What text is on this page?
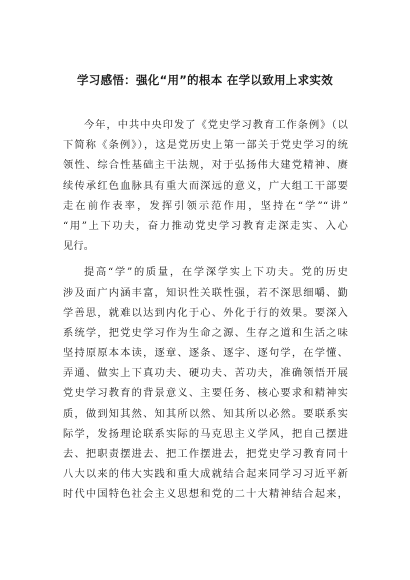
学习感悟：强化“用”的根本 在学以致用上求实效
今年，中共中央印发了《党史学习教育工作条例》（以
下简称《条例》），这是党历史上第一部关于党史学习的统
领性、综合性基础主干法规，对于弘扬伟大建党精神、赓
续传承红色血脉具有重大而深远的意义，广大组工干部要
走在前作表率，发挥引领示范作用，坚持在“学”“讲”
“用”上下功夫，奋力推动党史学习教育走深走实、入心
见行。
提高“学”的质量，在学深学实上下功夫。党的历史
涉及面广内涵丰富，知识性关联性强，若不深思细嚼、勤
学善思，就难以达到内化于心、外化于行的效果。要深入
系统学，把党史学习作为生命之源、生存之道和生活之味
坚持原原本本读，逐章、逐条、逐字、逐句学，在学懂、
弄通、做实上下真功夫、硬功夫、苦功夫，准确领悟开展
党史学习教育的背景意义、主要任务、核心要求和精神实
质，做到知其然、知其所以然、知其所以必然。要联系实
际学，发扬理论联系实际的马克思主义学风，把自己摆进
去、把职责摆进去、把工作摆进去，把党史学习教育同十
八大以来的伟大实践和重大成就结合起来同学习习近平新
时代中国特色社会主义思想和党的二十大精神结合起来，
